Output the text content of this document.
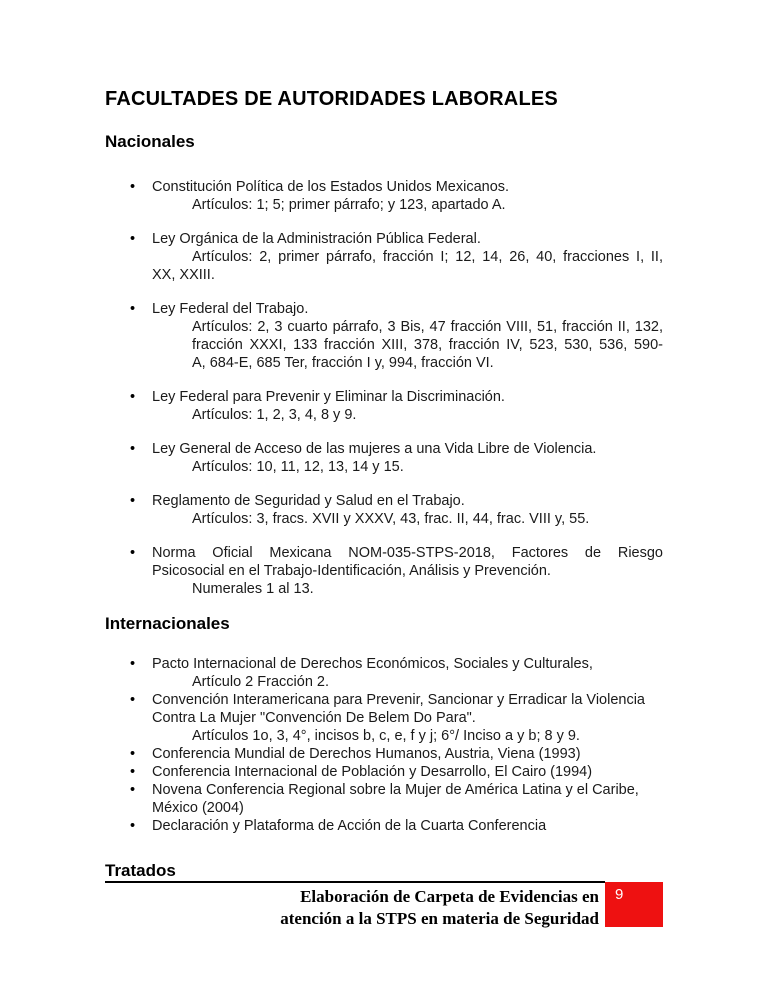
FACULTADES DE AUTORIDADES LABORALES
Nacionales
• Constitución Política de los Estados Unidos Mexicanos.
Artículos: 1; 5; primer párrafo; y 123, apartado A.
• Ley Orgánica de la Administración Pública Federal.
Artículos: 2, primer párrafo, fracción I; 12, 14, 26, 40, fracciones I, II,
XX, XXIII.
• Ley Federal del Trabajo.
Artículos: 2, 3 cuarto párrafo, 3 Bis, 47 fracción VIII, 51, fracción II, 132,
fracción XXXI, 133 fracción XIII, 378, fracción IV, 523, 530, 536, 590-
A, 684-E, 685 Ter, fracción I y, 994, fracción VI.
• Ley Federal para Prevenir y Eliminar la Discriminación.
Artículos: 1, 2, 3, 4, 8 y 9.
• Ley General de Acceso de las mujeres a una Vida Libre de Violencia.
Artículos: 10, 11, 12, 13, 14 y 15.
• Reglamento de Seguridad y Salud en el Trabajo.
Artículos: 3, fracs. XVII y XXXV, 43, frac. II, 44, frac. VIII y, 55.
• Norma Oficial Mexicana NOM-035-STPS-2018, Factores de Riesgo
Psicosocial en el Trabajo-Identificación, Análisis y Prevención.
Numerales 1 al 13.
Internacionales
• Pacto Internacional de Derechos Económicos, Sociales y Culturales,
Artículo 2 Fracción 2.
• Convención Interamericana para Prevenir, Sancionar y Erradicar la Violencia
Contra La Mujer "Convención De Belem Do Para".
Artículos 1o, 3, 4°, incisos b, c, e, f y j; 6°/ Inciso a y b; 8 y 9.
• Conferencia Mundial de Derechos Humanos, Austria, Viena (1993)
• Conferencia Internacional de Población y Desarrollo, El Cairo (1994)
• Novena Conferencia Regional sobre la Mujer de América Latina y el Caribe,
México (2004)
• Declaración y Plataforma de Acción de la Cuarta Conferencia
Tratados
Elaboración de Carpeta de Evidencias en
atención a la STPS en materia de Seguridad
9
